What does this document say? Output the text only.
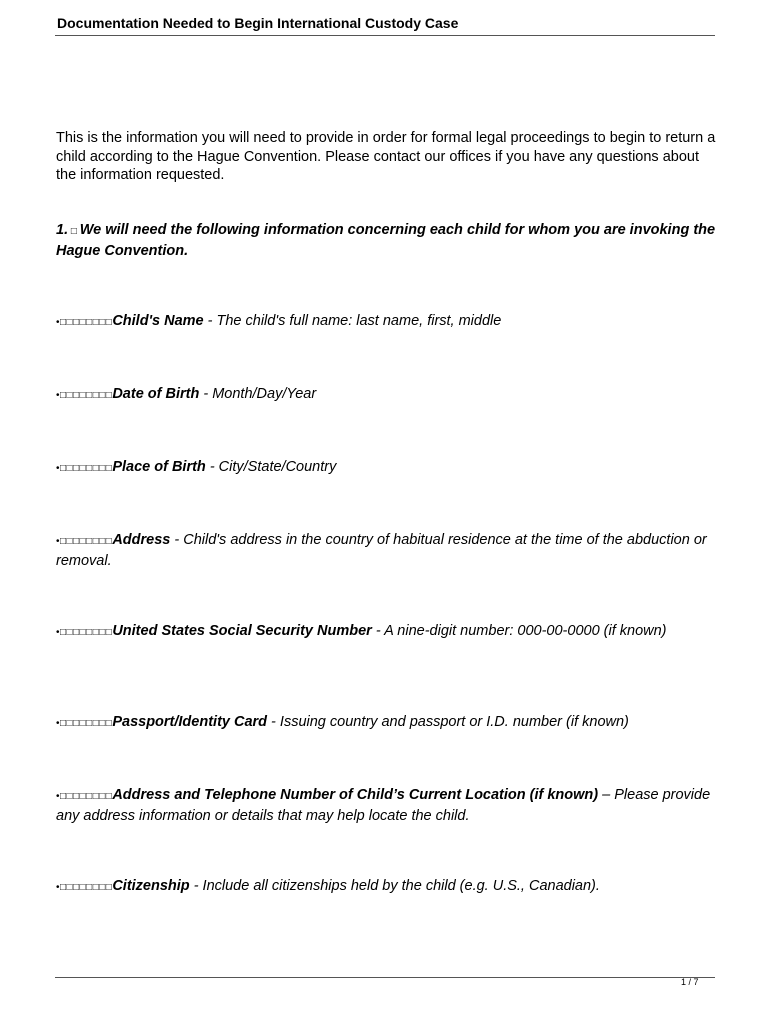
Documentation Needed to Begin International Custody Case

This is the information you will need to provide in order for formal legal proceedings to begin to return a child according to the Hague Convention. Please contact our offices if you have any questions about the information requested.

1. □ We will need the following information concerning each child for whom you are invoking the Hague Convention.

•□□□□□□□□Child's Name - The child's full name: last name, first, middle

•□□□□□□□□Date of Birth - Month/Day/Year

•□□□□□□□□Place of Birth - City/State/Country

•□□□□□□□□Address - Child's address in the country of habitual residence at the time of the abduction or removal.

•□□□□□□□□United States Social Security Number - A nine-digit number: 000-00-0000 (if known)

•□□□□□□□□Passport/Identity Card - Issuing country and passport or I.D. number (if known)

•□□□□□□□□Address and Telephone Number of Child’s Current Location (if known) – Please provide any address information or details that may help locate the child.

•□□□□□□□□Citizenship - Include all citizenships held by the child (e.g. U.S., Canadian).

1 / 7
